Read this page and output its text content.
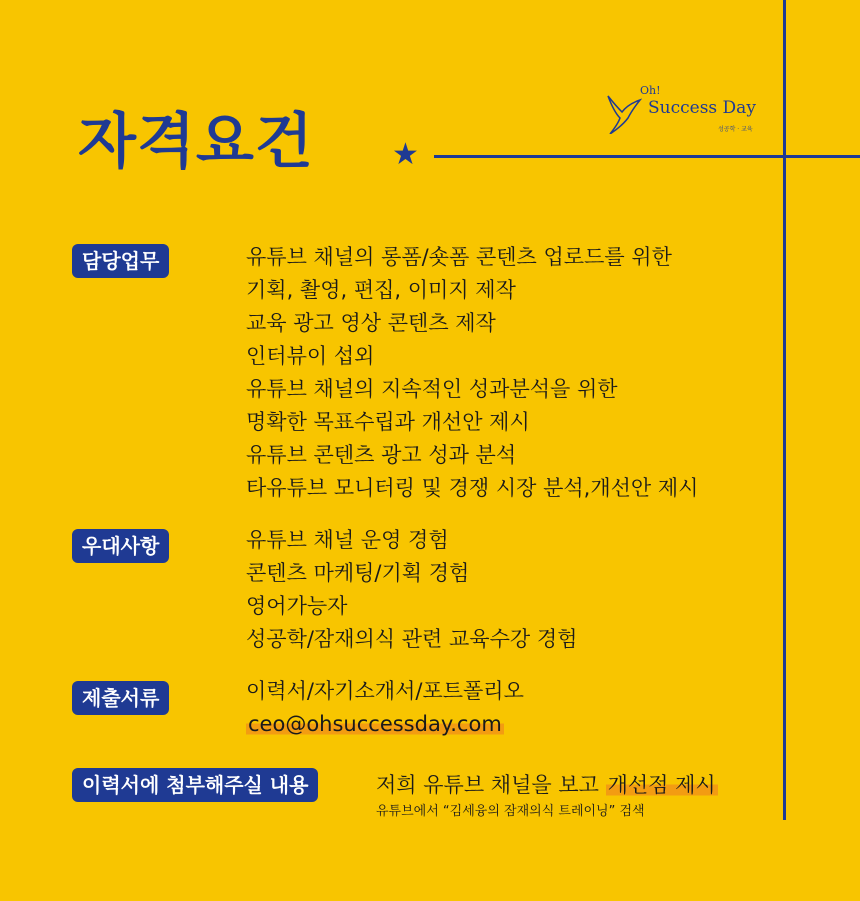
★
자격요건
Oh!
Success Day
성공학 · 교육
담당업무	유튜브 채널의 롱폼/숏폼 콘텐츠 업로드를 위한
기획, 촬영, 편집, 이미지 제작
교육 광고 영상 콘텐츠 제작
인터뷰이 섭외
유튜브 채널의 지속적인 성과분석을 위한
명확한 목표수립과 개선안 제시
유튜브 콘텐츠 광고 성과 분석
타유튜브 모니터링 및 경쟁 시장 분석,개선안 제시
우대사항	유튜브 채널 운영 경험
콘텐츠 마케팅/기획 경험
영어가능자
성공학/잠재의식 관련 교육수강 경험
제출서류	이력서/자기소개서/포트폴리오
ceo@ohsuccessday.com
이력서에 첨부해주실 내용	저희 유튜브 채널을 보고 개선점 제시
유튜브에서 “김세융의 잠재의식 트레이닝” 검색
